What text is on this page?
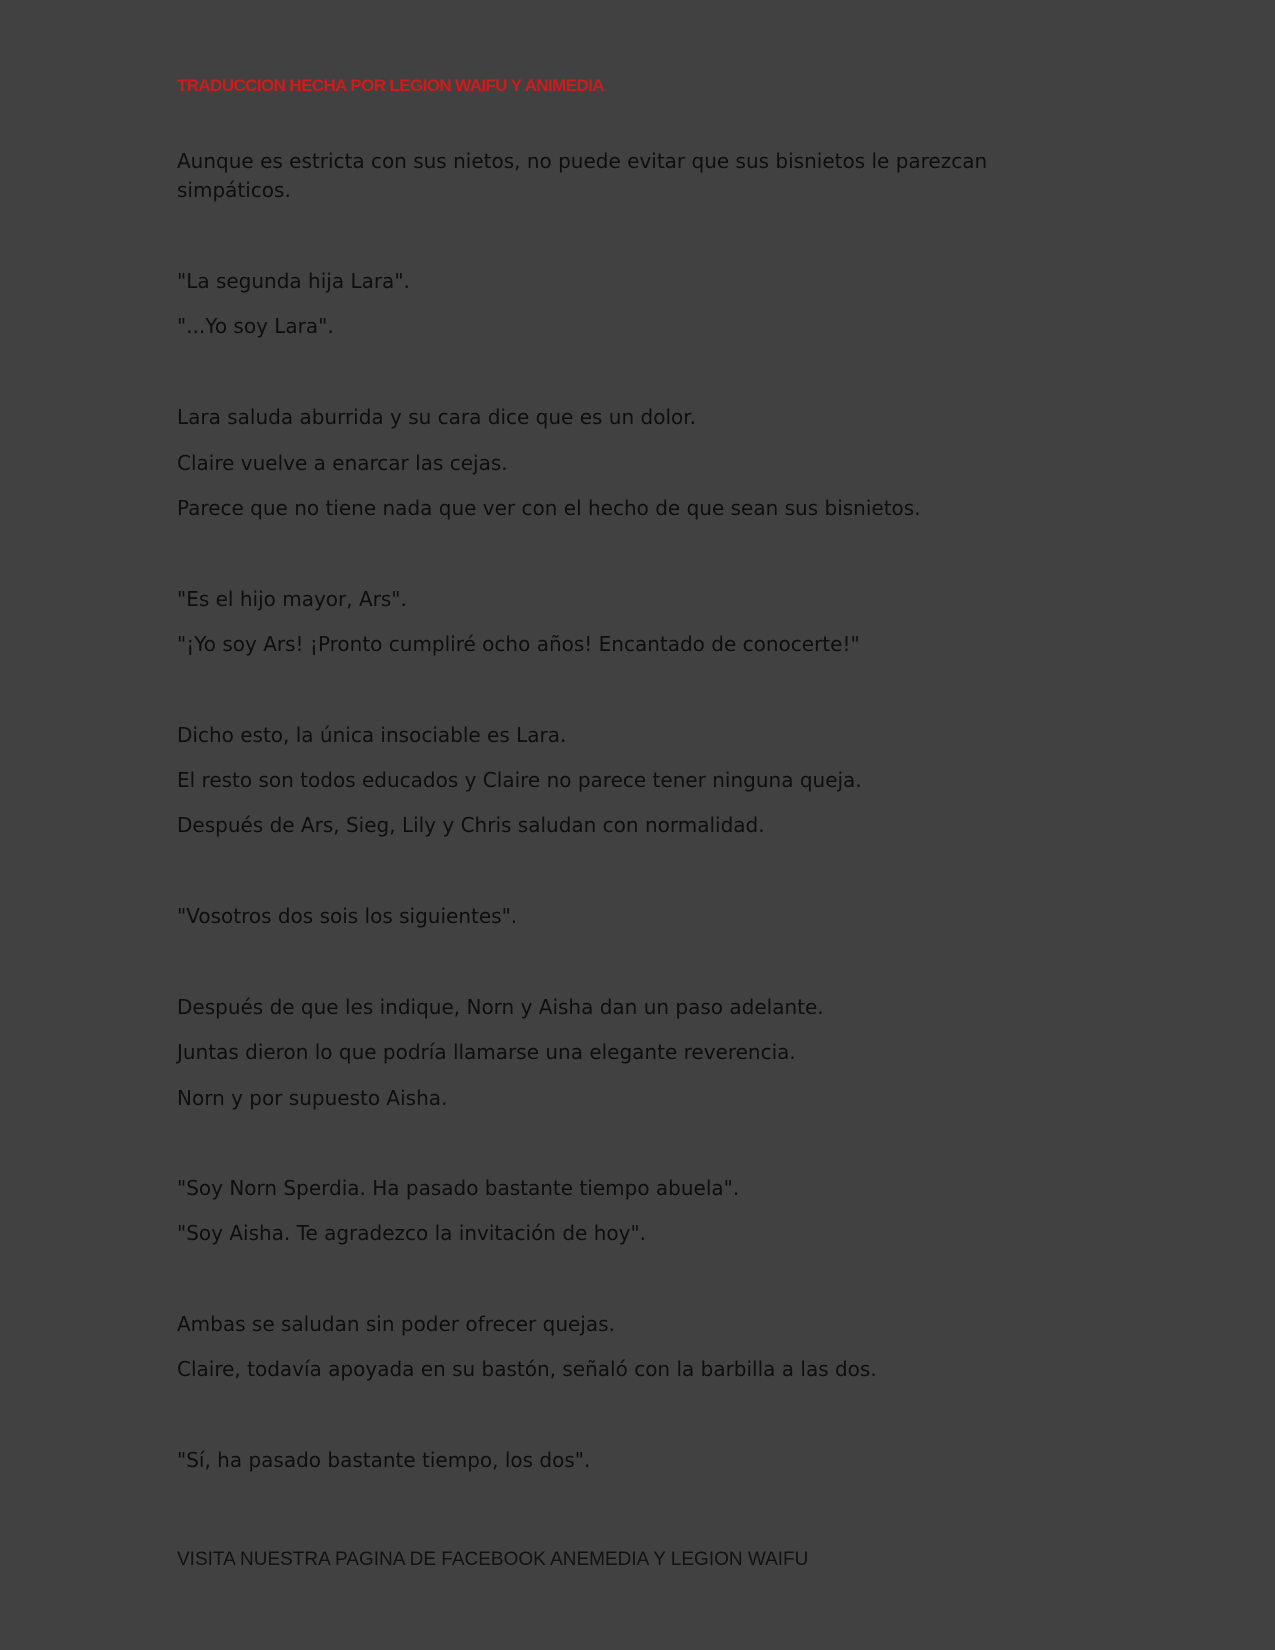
TRADUCCION HECHA POR LEGION WAIFU Y ANIMEDIA
Aunque es estricta con sus nietos, no puede evitar que sus bisnietos le parezcan simpáticos.
"La segunda hija Lara".
"...Yo soy Lara".
Lara saluda aburrida y su cara dice que es un dolor.
Claire vuelve a enarcar las cejas.
Parece que no tiene nada que ver con el hecho de que sean sus bisnietos.
"Es el hijo mayor, Ars".
"¡Yo soy Ars! ¡Pronto cumpliré ocho años! Encantado de conocerte!"
Dicho esto, la única insociable es Lara.
El resto son todos educados y Claire no parece tener ninguna queja.
Después de Ars, Sieg, Lily y Chris saludan con normalidad.
"Vosotros dos sois los siguientes".
Después de que les indique, Norn y Aisha dan un paso adelante.
Juntas dieron lo que podría llamarse una elegante reverencia.
Norn y por supuesto Aisha.
"Soy Norn Sperdia. Ha pasado bastante tiempo abuela".
"Soy Aisha. Te agradezco la invitación de hoy".
Ambas se saludan sin poder ofrecer quejas.
Claire, todavía apoyada en su bastón, señaló con la barbilla a las dos.
"Sí, ha pasado bastante tiempo, los dos".
VISITA NUESTRA PAGINA DE FACEBOOK ANEMEDIA Y LEGION WAIFU
